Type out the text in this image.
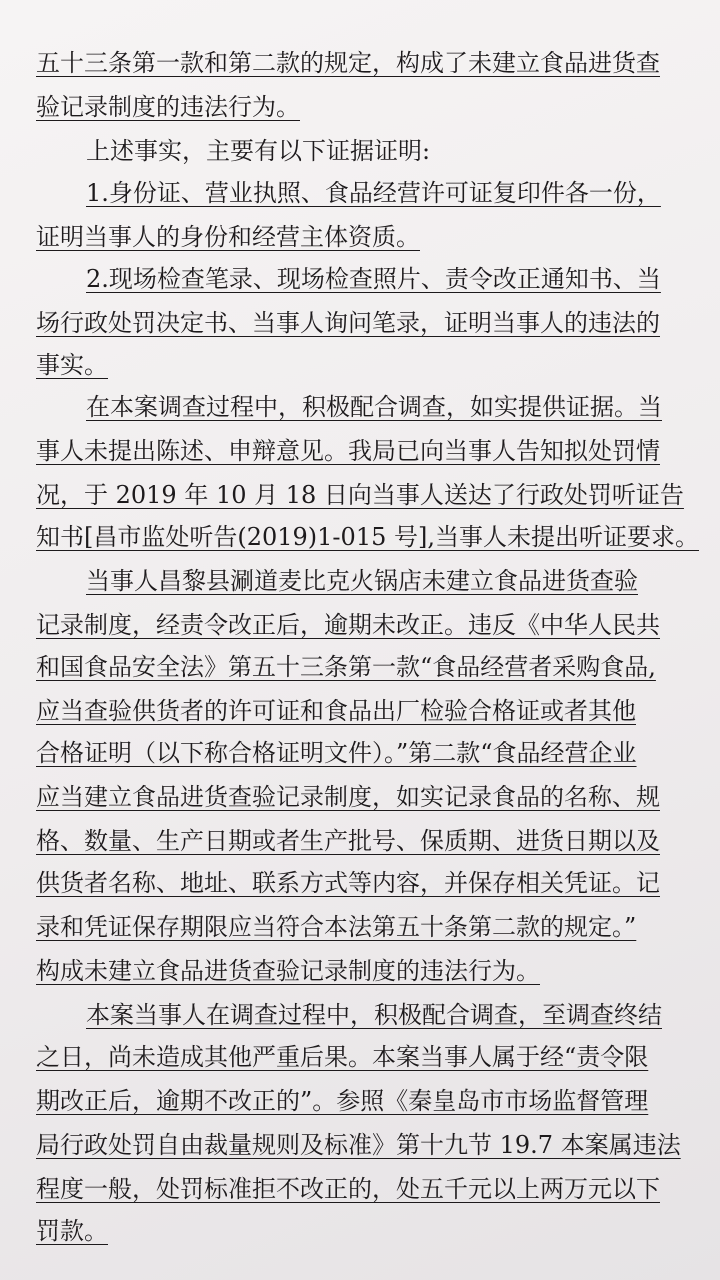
五十三条第一款和第二款的规定，构成了未建立食品进货查
验记录制度的违法行为。
上述事实，主要有以下证据证明:
1.身份证、营业执照、食品经营许可证复印件各一份，
证明当事人的身份和经营主体资质。
2.现场检查笔录、现场检查照片、责令改正通知书、当
场行政处罚决定书、当事人询问笔录，证明当事人的违法的
事实。
在本案调查过程中，积极配合调查，如实提供证据。当
事人未提出陈述、申辩意见。我局已向当事人告知拟处罚情
况，于 2019 年 10 月 18 日向当事人送达了行政处罚听证告
知书[昌市监处听告(2019)1-015 号],当事人未提出听证要求。
当事人昌黎县涮道麦比克火锅店未建立食品进货查验
记录制度，经责令改正后，逾期未改正。违反《中华人民共
和国食品安全法》第五十三条第一款“食品经营者采购食品,
应当查验供货者的许可证和食品出厂检验合格证或者其他
合格证明（以下称合格证明文件）。”第二款“食品经营企业
应当建立食品进货查验记录制度，如实记录食品的名称、规
格、数量、生产日期或者生产批号、保质期、进货日期以及
供货者名称、地址、联系方式等内容，并保存相关凭证。记
录和凭证保存期限应当符合本法第五十条第二款的规定。”
构成未建立食品进货查验记录制度的违法行为。
本案当事人在调查过程中，积极配合调查，至调查终结
之日，尚未造成其他严重后果。本案当事人属于经“责令限
期改正后，逾期不改正的”。参照《秦皇岛市市场监督管理
局行政处罚自由裁量规则及标准》第十九节 19.7 本案属违法
程度一般，处罚标准拒不改正的，处五千元以上两万元以下
罚款。
